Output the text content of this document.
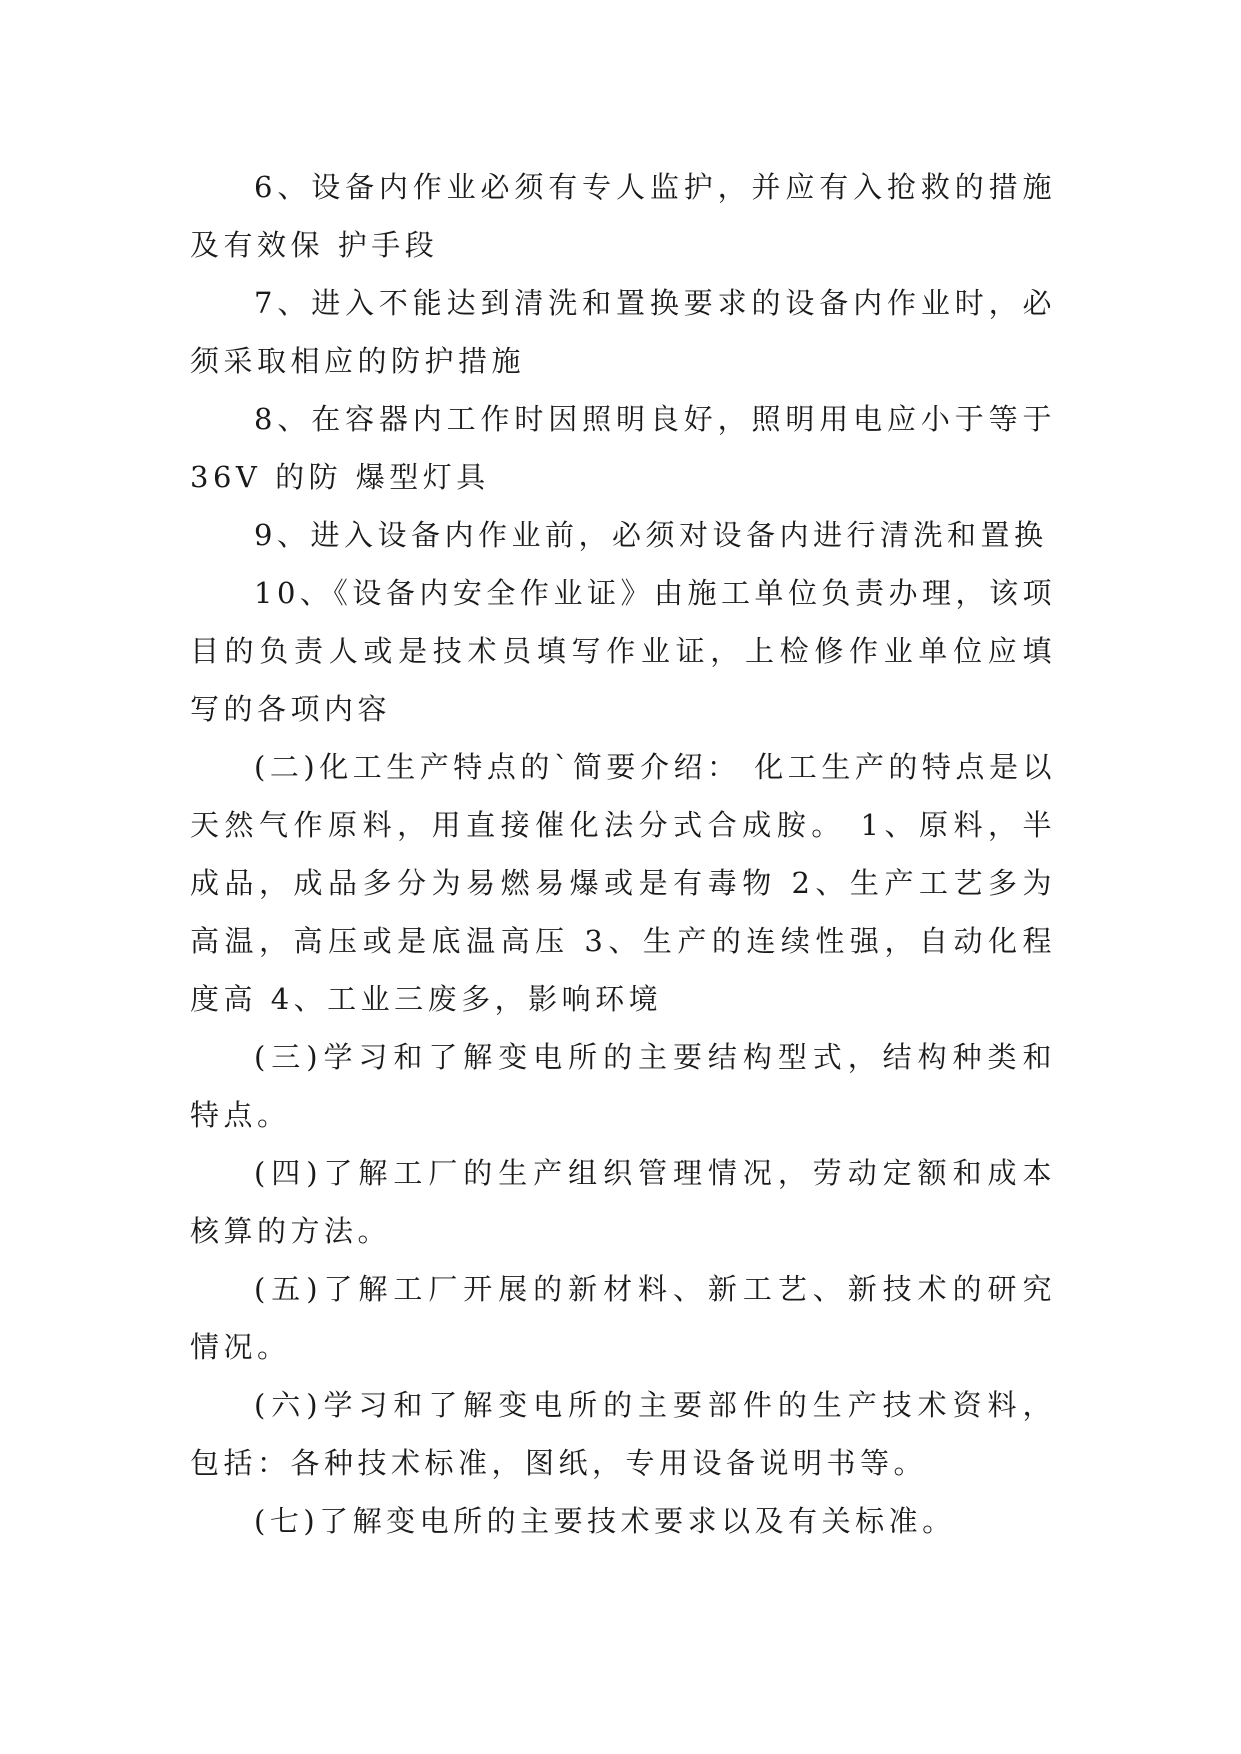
6、设备内作业必须有专人监护，并应有入抢救的措施及有效保 护手段

7、进入不能达到清洗和置换要求的设备内作业时，必须采取相应的防护措施

8、在容器内工作时因照明良好，照明用电应小于等于36V 的防 爆型灯具

9、进入设备内作业前，必须对设备内进行清洗和置换

10、《设备内安全作业证》由施工单位负责办理，该项目的负责人或是技术员填写作业证，上检修作业单位应填写的各项内容

(二)化工生产特点的`简要介绍： 化工生产的特点是以天然气作原料，用直接催化法分式合成胺。 1、原料，半成品，成品多分为易燃易爆或是有毒物 2、生产工艺多为高温，高压或是底温高压 3、生产的连续性强，自动化程度高 4、工业三废多，影响环境

(三)学习和了解变电所的主要结构型式，结构种类和特点。

(四)了解工厂的生产组织管理情况，劳动定额和成本核算的方法。

(五)了解工厂开展的新材料、新工艺、新技术的研究情况。

(六)学习和了解变电所的主要部件的生产技术资料，包括：各种技术标准，图纸，专用设备说明书等。

(七)了解变电所的主要技术要求以及有关标准。
